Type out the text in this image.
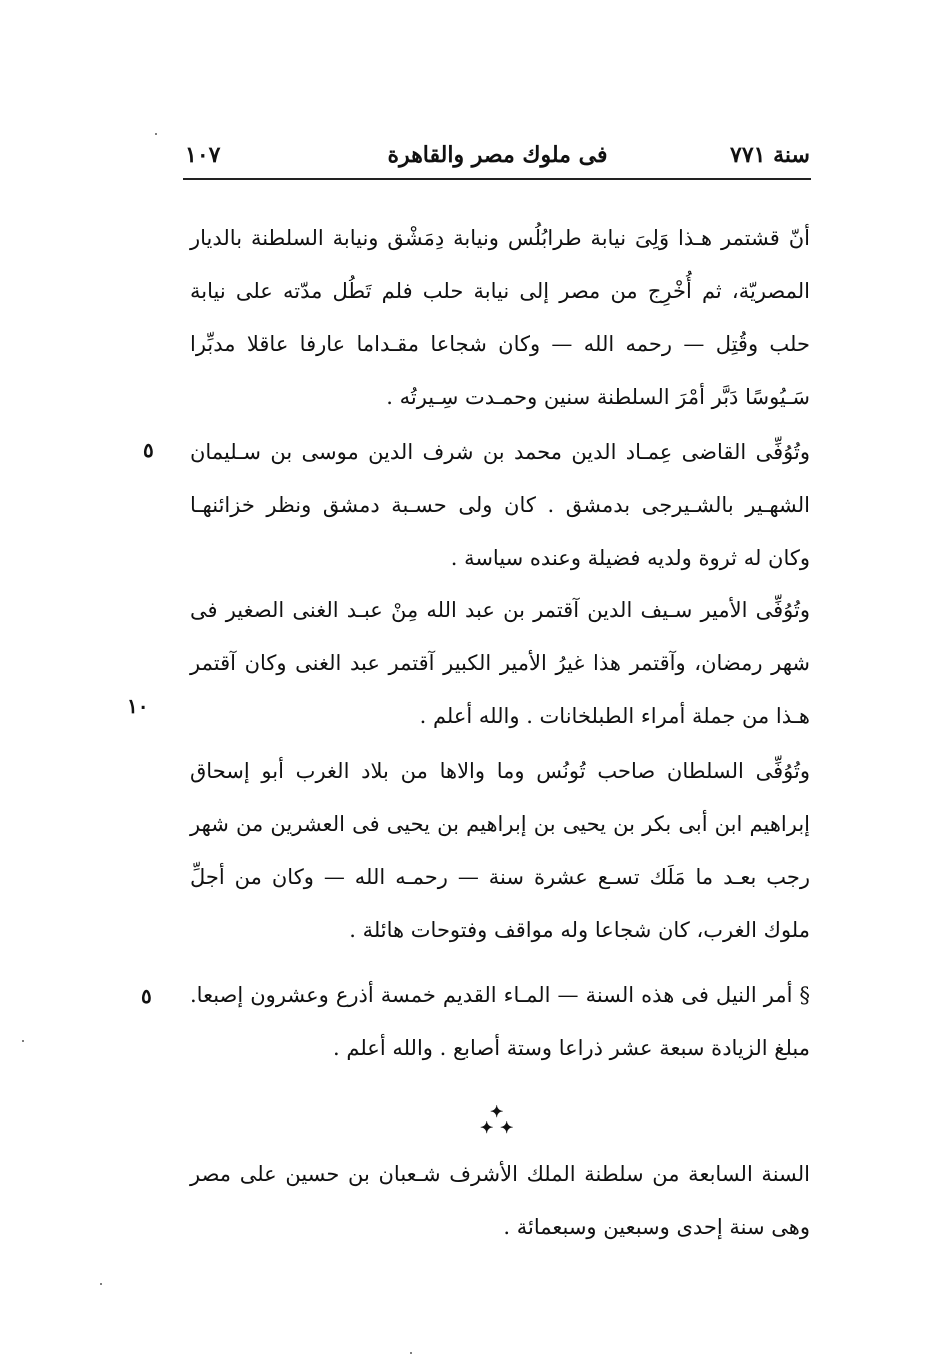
سنة ٧٧١
فى ملوك مصر والقاهرة
١٠٧

أنّ قشتمر هـذا وَلِىَ نيابة طرابُلُس ونيابة دِمَشْق ونيابة السلطنة بالديار المصريّة، ثم أُخْرِج من مصر إلى نيابة حلب فلم تَطُل مدّته على نيابة حلب وقُتِل — رحمه الله — وكان شجاعا مقـداما عارفا عاقلا مدبِّرا سَـيُوسًا دَبَّر أمْرَ السلطنة سنين وحمـدت سِـيرتُه .

وتُوُفِّى القاضى عِمـاد الدين محمد بن شرف الدين موسى بن سـليمان الشهـير بالشـيرجى بدمشق . كان ولى حسـبة دمشق ونظر خزائنهـا وكان له ثروة ولديه فضيلة وعنده سياسة .

وتُوُفِّى الأمير سـيف الدين آقتمر بن عبد الله مِنْ عبـد الغنى الصغير فى شهر رمضان، وآقتمر هذا غيرُ الأمير الكبير آقتمر عبد الغنى وكان آقتمر هـذا من جملة أمراء الطبلخانات . والله أعلم .

وتُوُفِّى السلطان صاحب تُونُس وما والاها من بلاد الغرب أبو إسحاق إبراهيم ابن أبى بكر بن يحيى بن إبراهيم بن يحيى فى العشرين من شهر رجب بعـد ما مَلَك تسـع عشرة سنة — رحمـه الله — وكان من أجلِّ ملوك الغرب، كان شجاعا وله مواقف وفتوحات هائلة .

§ أمر النيل فى هذه السنة — المـاء القديم خمسة أذرع وعشرون إصبعا. مبلغ الزيادة سبعة عشر ذراعا وستة أصابع . والله أعلم .

✦
✦ ✦

السنة السابعة من سلطنة الملك الأشرف شـعبان بن حسين على مصر وهى سنة إحدى وسبعين وسبعمائة .

٥
١٠
٥
